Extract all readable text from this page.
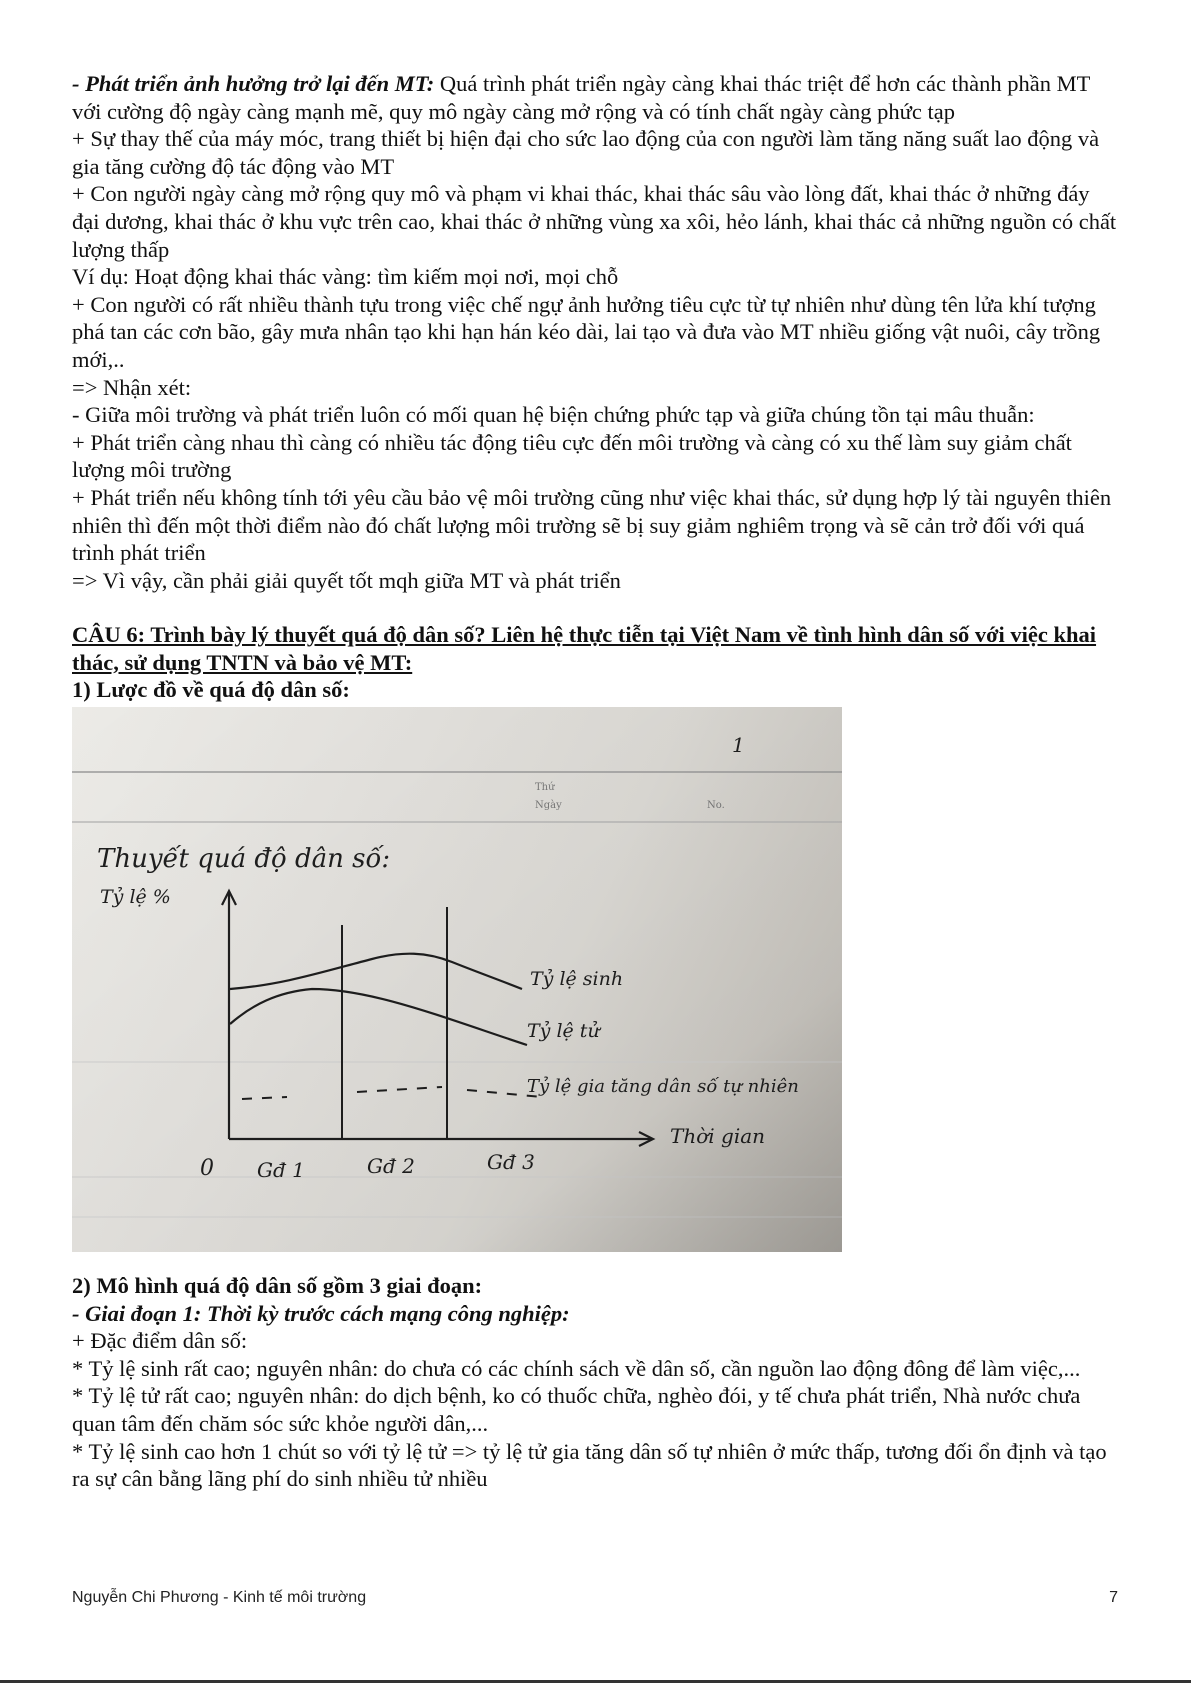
- Phát triển ảnh hưởng trở lại đến MT: Quá trình phát triển ngày càng khai thác triệt để hơn các thành phần MT với cường độ ngày càng mạnh mẽ, quy mô ngày càng mở rộng và có tính chất ngày càng phức tạp

+ Sự thay thế của máy móc, trang thiết bị hiện đại cho sức lao động của con người làm tăng năng suất lao động và gia tăng cường độ tác động vào MT

+ Con người ngày càng mở rộng quy mô và phạm vi khai thác, khai thác sâu vào lòng đất, khai thác ở những đáy đại dương, khai thác ở khu vực trên cao, khai thác ở những vùng xa xôi, hẻo lánh, khai thác cả những nguồn có chất lượng thấp

Ví dụ: Hoạt động khai thác vàng: tìm kiếm mọi nơi, mọi chỗ

+ Con người có rất nhiều thành tựu trong việc chế ngự ảnh hưởng tiêu cực từ tự nhiên như dùng tên lửa khí tượng phá tan các cơn bão, gây mưa nhân tạo khi hạn hán kéo dài, lai tạo và đưa vào MT nhiều giống vật nuôi, cây trồng mới,..

=> Nhận xét:

- Giữa môi trường và phát triển luôn có mối quan hệ biện chứng phức tạp và giữa chúng tồn tại mâu thuẫn:

+ Phát triển càng nhau thì càng có nhiều tác động tiêu cực đến môi trường và càng có xu thế làm suy giảm chất lượng môi trường

+ Phát triển nếu không tính tới yêu cầu bảo vệ môi trường cũng như việc khai thác, sử dụng hợp lý tài nguyên thiên nhiên thì đến một thời điểm nào đó chất lượng môi trường sẽ bị suy giảm nghiêm trọng và sẽ cản trở đối với quá trình phát triển

=> Vì vậy, cần phải giải quyết tốt mqh giữa MT và phát triển

CÂU 6: Trình bày lý thuyết quá độ dân số? Liên hệ thực tiễn tại Việt Nam về tình hình dân số với việc khai thác, sử dụng TNTN và bảo vệ MT:

1) Lược đồ về quá độ dân số:

2) Mô hình quá độ dân số gồm 3 giai đoạn:

- Giai đoạn 1: Thời kỳ trước cách mạng công nghiệp:

+ Đặc điểm dân số:

* Tỷ lệ sinh rất cao; nguyên nhân: do chưa có các chính sách về dân số, cần nguồn lao động đông để làm việc,...

* Tỷ lệ tử rất cao; nguyên nhân: do dịch bệnh, ko có thuốc chữa, nghèo đói, y tế chưa phát triển, Nhà nước chưa quan tâm đến chăm sóc sức khỏe người dân,...

* Tỷ lệ sinh cao hơn 1 chút so với tỷ lệ tử => tỷ lệ tử gia tăng dân số tự nhiên ở mức thấp, tương đối ổn định và tạo ra sự cân bằng lãng phí do sinh nhiều tử nhiều

Nguyễn Chi Phương - Kinh tế môi trường	7
